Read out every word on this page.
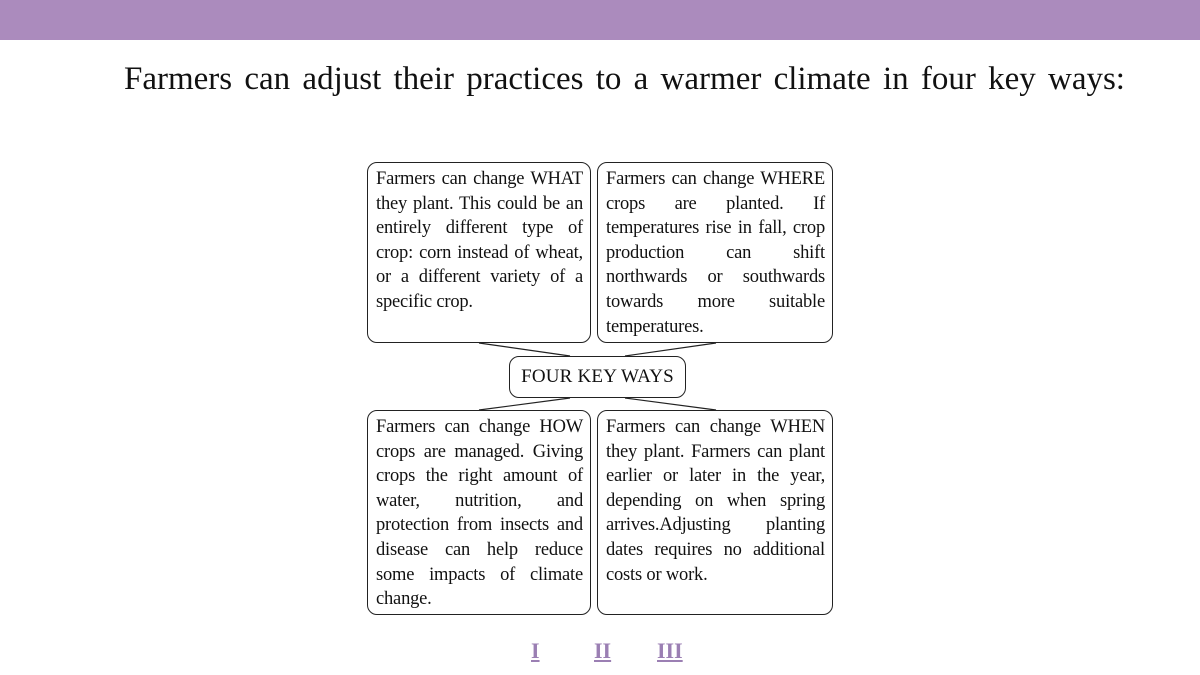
Farmers can adjust their practices to a warmer climate in four key ways:
Farmers can change WHAT they plant. This could be an entirely different type of crop: corn instead of wheat, or a different variety of a specific crop.
Farmers can change WHERE crops are planted. If temperatures rise in fall, crop production can shift northwards or southwards towards more suitable temperatures.
FOUR KEY WAYS
Farmers can change HOW crops are managed. Giving crops the right amount of water, nutrition, and protection from insects and disease can help reduce some impacts of climate change.
Farmers can change WHEN they plant. Farmers can plant earlier or later in the year, depending on when spring arrives.Adjusting planting dates requires no additional costs or work.
I II III
